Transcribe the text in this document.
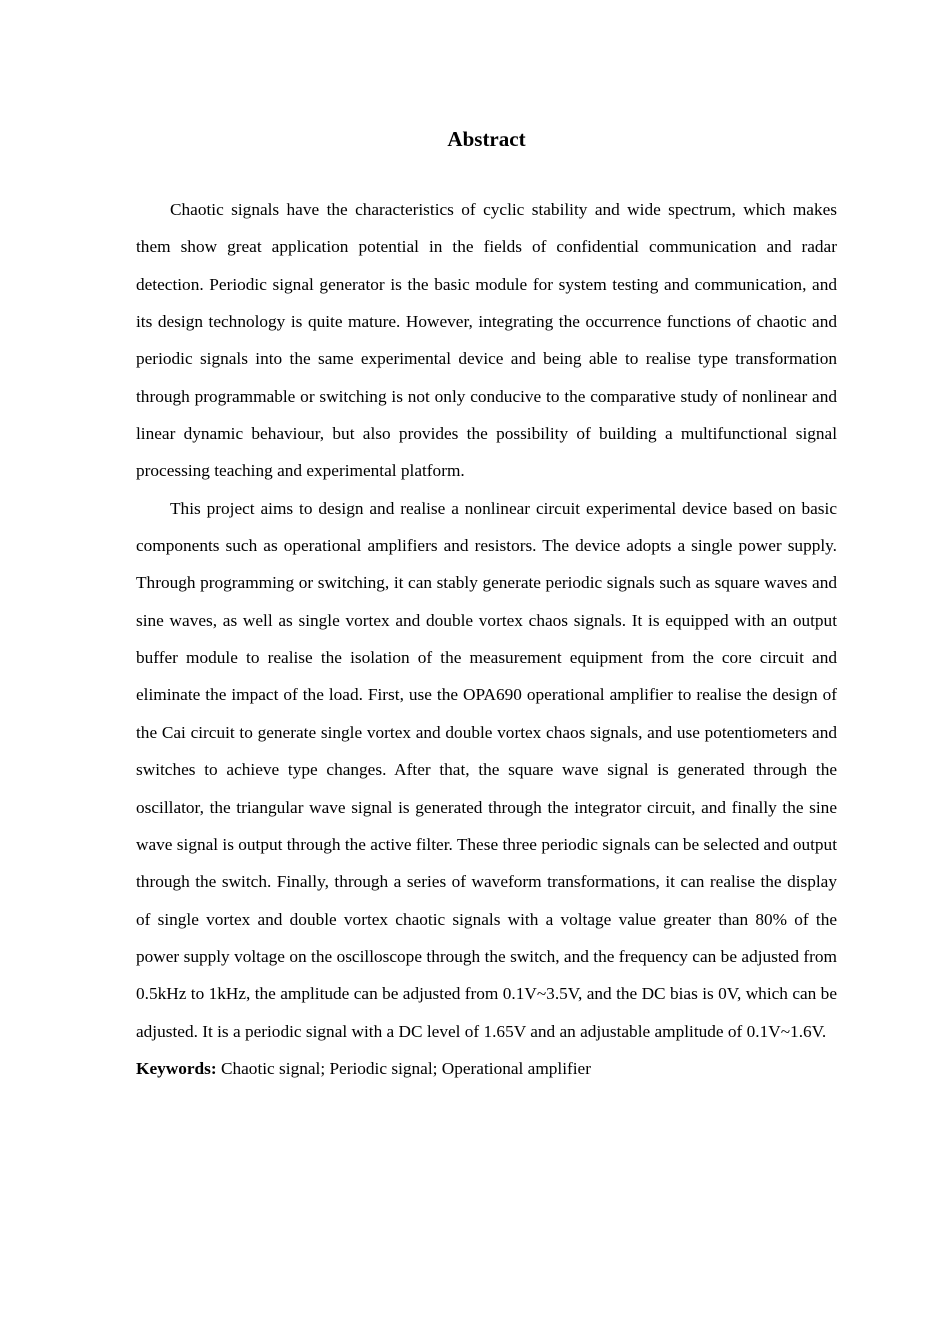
Abstract

Chaotic signals have the characteristics of cyclic stability and wide spectrum, which makes them show great application potential in the fields of confidential communication and radar detection. Periodic signal generator is the basic module for system testing and communication, and its design technology is quite mature. However, integrating the occurrence functions of chaotic and periodic signals into the same experimental device and being able to realise type transformation through programmable or switching is not only conducive to the comparative study of nonlinear and linear dynamic behaviour, but also provides the possibility of building a multifunctional signal processing teaching and experimental platform.

This project aims to design and realise a nonlinear circuit experimental device based on basic components such as operational amplifiers and resistors. The device adopts a single power supply. Through programming or switching, it can stably generate periodic signals such as square waves and sine waves, as well as single vortex and double vortex chaos signals. It is equipped with an output buffer module to realise the isolation of the measurement equipment from the core circuit and eliminate the impact of the load. First, use the OPA690 operational amplifier to realise the design of the Cai circuit to generate single vortex and double vortex chaos signals, and use potentiometers and switches to achieve type changes. After that, the square wave signal is generated through the oscillator, the triangular wave signal is generated through the integrator circuit, and finally the sine wave signal is output through the active filter. These three periodic signals can be selected and output through the switch. Finally, through a series of waveform transformations, it can realise the display of single vortex and double vortex chaotic signals with a voltage value greater than 80% of the power supply voltage on the oscilloscope through the switch, and the frequency can be adjusted from 0.5kHz to 1kHz, the amplitude can be adjusted from 0.1V~3.5V, and the DC bias is 0V, which can be adjusted. It is a periodic signal with a DC level of 1.65V and an adjustable amplitude of 0.1V~1.6V.

Keywords: Chaotic signal; Periodic signal; Operational amplifier
